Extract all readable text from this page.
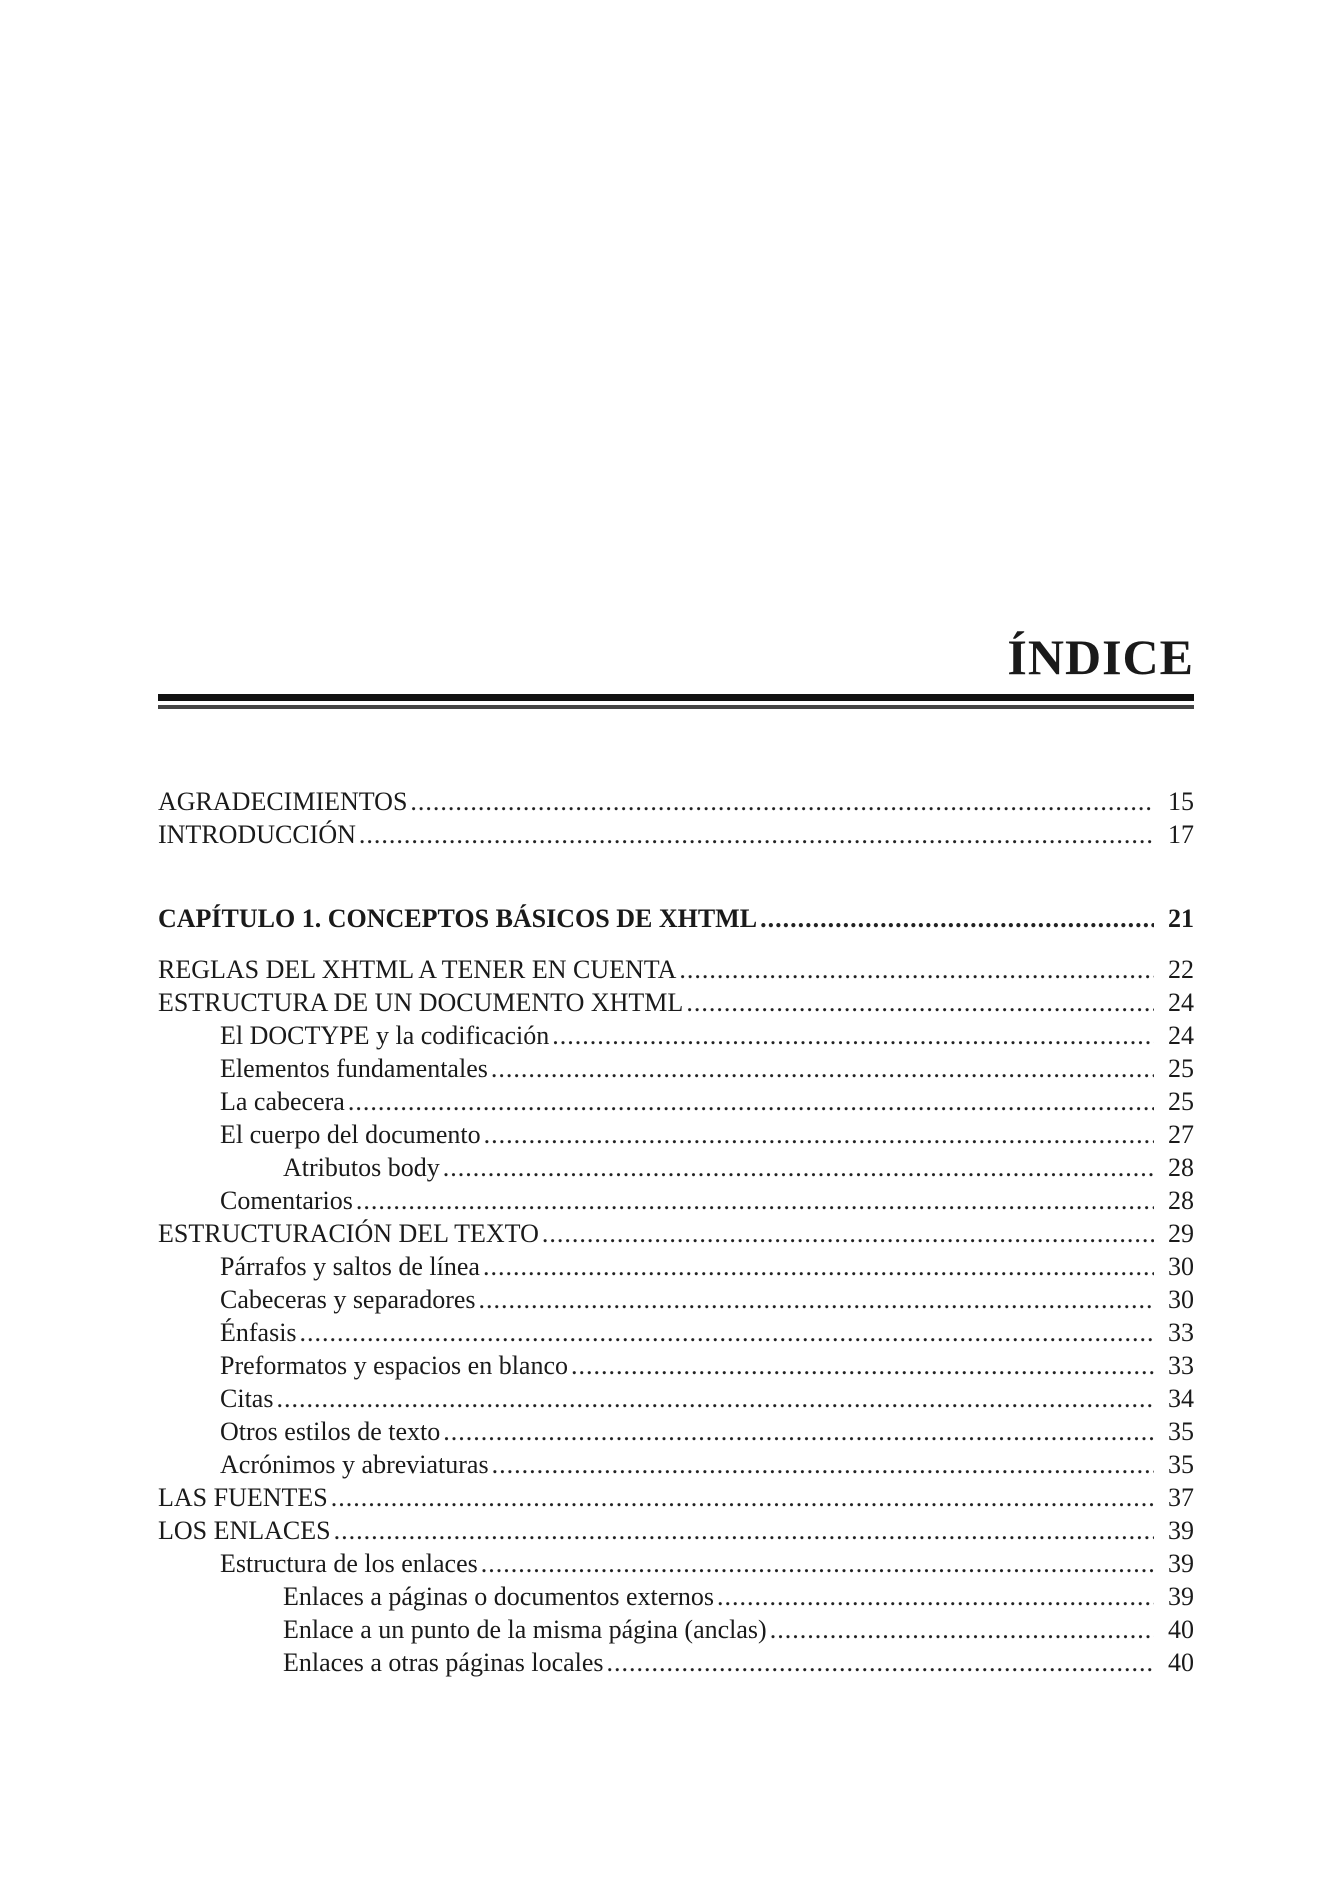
ÍNDICE
AGRADECIMIENTOS .....	15
INTRODUCCIÓN .....	17
CAPÍTULO 1. CONCEPTOS BÁSICOS DE XHTML .....	21
REGLAS DEL XHTML A TENER EN CUENTA .....	22
ESTRUCTURA DE UN DOCUMENTO XHTML .....	24
El DOCTYPE y la codificación .....	24
Elementos fundamentales .....	25
La cabecera .....	25
El cuerpo del documento .....	27
Atributos body .....	28
Comentarios .....	28
ESTRUCTURACIÓN DEL TEXTO .....	29
Párrafos y saltos de línea .....	30
Cabeceras y separadores .....	30
Énfasis .....	33
Preformatos y espacios en blanco .....	33
Citas .....	34
Otros estilos de texto .....	35
Acrónimos y abreviaturas .....	35
LAS FUENTES .....	37
LOS ENLACES .....	39
Estructura de los enlaces .....	39
Enlaces a páginas o documentos externos .....	39
Enlace a un punto de la misma página (anclas) .....	40
Enlaces a otras páginas locales .....	40
